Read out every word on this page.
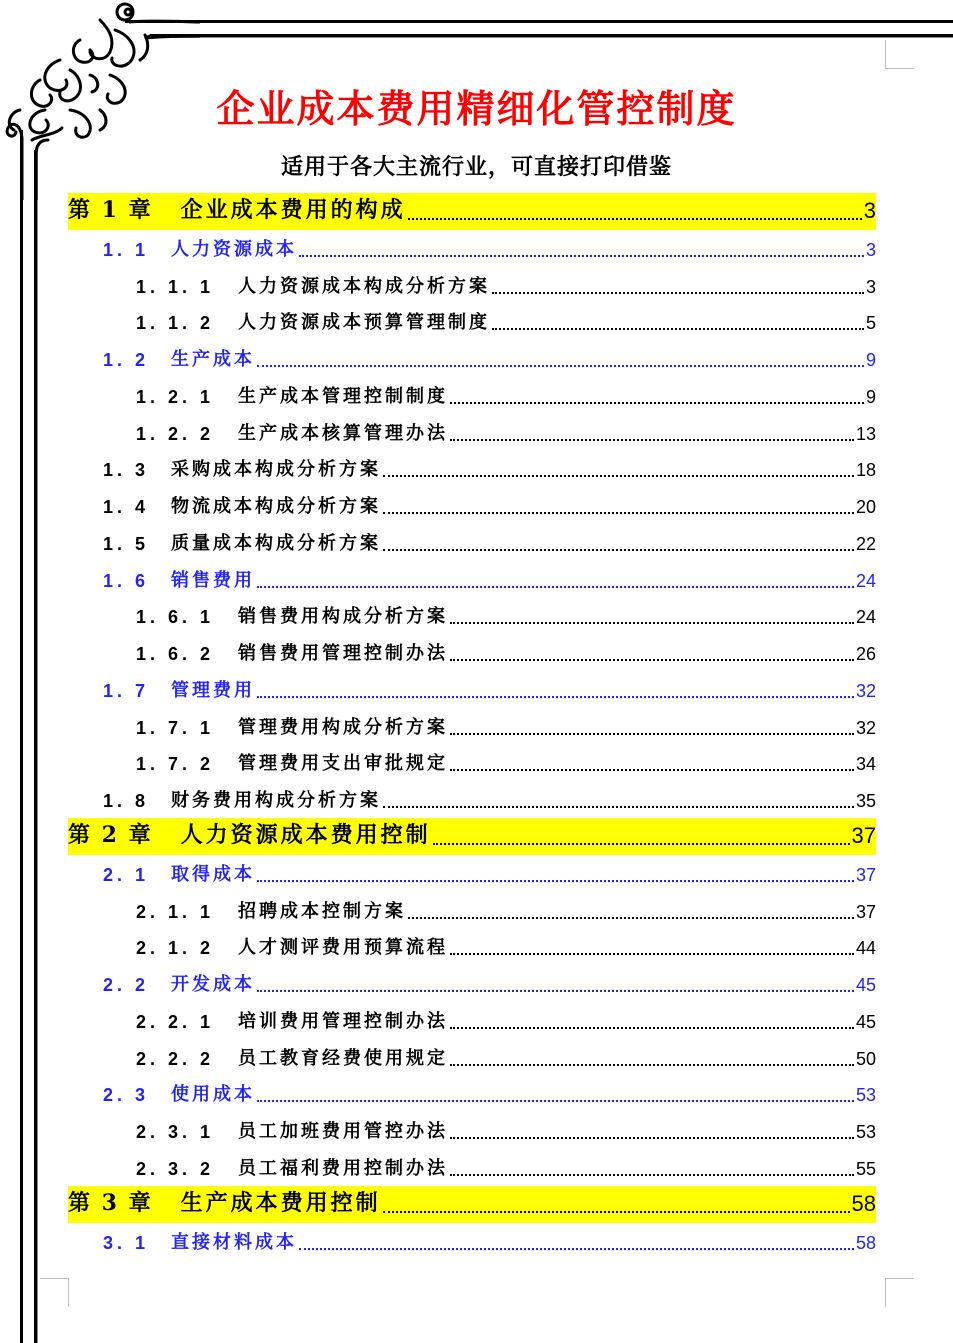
企业成本费用精细化管控制度
适用于各大主流行业，可直接打印借鉴
第 1 章 企业成本费用的构成	3
1. 1	人力资源成本	3
1. 1. 1	人力资源成本构成分析方案	3
1. 1. 2	人力资源成本预算管理制度	5
1. 2	生产成本	9
1. 2. 1	生产成本管理控制制度	9
1. 2. 2	生产成本核算管理办法	13
1. 3	采购成本构成分析方案	18
1. 4	物流成本构成分析方案	20
1. 5	质量成本构成分析方案	22
1. 6	销售费用	24
1. 6. 1	销售费用构成分析方案	24
1. 6. 2	销售费用管理控制办法	26
1. 7	管理费用	32
1. 7. 1	管理费用构成分析方案	32
1. 7. 2	管理费用支出审批规定	34
1. 8	财务费用构成分析方案	35
第 2 章 人力资源成本费用控制	37
2. 1	取得成本	37
2. 1. 1	招聘成本控制方案	37
2. 1. 2	人才测评费用预算流程	44
2. 2	开发成本	45
2. 2. 1	培训费用管理控制办法	45
2. 2. 2	员工教育经费使用规定	50
2. 3	使用成本	53
2. 3. 1	员工加班费用管控办法	53
2. 3. 2	员工福利费用控制办法	55
第 3 章 生产成本费用控制	58
3. 1	直接材料成本	58
